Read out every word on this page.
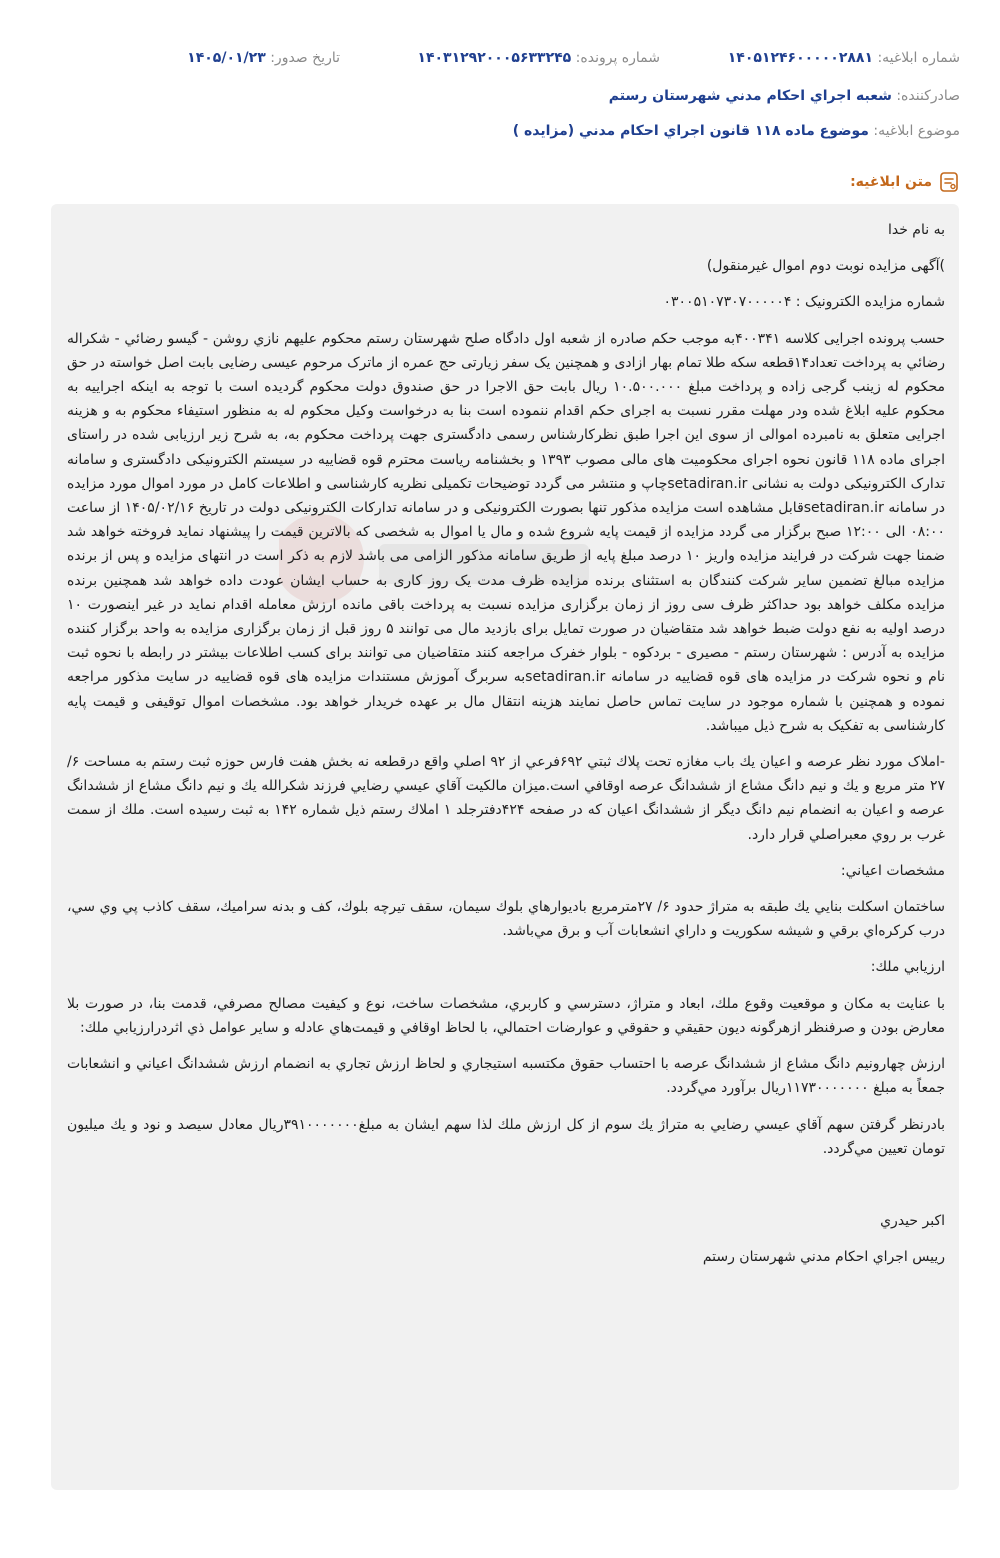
شماره ابلاغيه: ۱۴۰۵۱۲۴۶۰۰۰۰۰۲۸۸۱
شماره پرونده: ۱۴۰۳۱۲۹۲۰۰۰۵۶۳۳۲۴۵
تاریخ صدور: ۱۴۰۵/۰۱/۲۳
صادرکننده: شعبه اجراي احكام مدني شهرستان رستم
موضوع ابلاغيه: موضوع ماده ۱۱۸ قانون اجراي احکام مدني (مزايده )
متن ابلاغيه:

به نام خدا

)آگهی مزایده نوبت دوم اموال غیرمنقول)

شماره مزایده الکترونیک : ۰۳۰۰۵۱۰۷۳۰۷۰۰۰۰۰۴

حسب پرونده اجرایی کلاسه ۴۰۰۳۴۱به موجب حکم صادره از شعبه اول دادگاه صلح شهرستان رستم محکوم علیهم نازي روشن - گيسو رضائي - شکراله رضائي به پرداخت تعداد۱۴قطعه سکه طلا تمام بهار ازادی و همچنین یک سفر زیارتی حج عمره از ماترک مرحوم عیسی رضایی بابت اصل خواسته در حق محکوم له زینب گرجی زاده و پرداخت مبلغ ۱۰.۵۰۰.۰۰۰ ریال بابت حق الاجرا در حق صندوق دولت محکوم گردیده است با توجه به اینکه اجراییه به محکوم علیه ابلاغ شده ودر مهلت مقرر نسبت به اجرای حکم اقدام ننموده است بنا به درخواست وکیل محکوم له به منظور استیفاء محکوم به و هزینه اجرایی متعلق به نامبرده اموالی از سوی این اجرا طبق نظرکارشناس رسمی دادگستری جهت پرداخت محکوم به، به شرح زیر ارزیابی شده در راستای اجرای ماده ۱۱۸ قانون نحوه اجرای محکومیت های مالی مصوب ۱۳۹۳ و بخشنامه ریاست محترم قوه قضاییه در سیستم الکترونیکی دادگستری و سامانه تدارک الکترونیکی دولت به نشانی setadiran.irچاپ و منتشر می گردد توضیحات تکمیلی نظریه کارشناسی و اطلاعات کامل در مورد اموال مورد مزایده در سامانه setadiran.irقابل مشاهده است مزایده مذکور تنها بصورت الکترونیکی و در سامانه تدارکات الکترونیکی دولت در تاریخ ۱۴۰۵/۰۲/۱۶ از ساعت ۰۸:۰۰ الی ۱۲:۰۰ صبح برگزار می گردد مزایده از قیمت پایه شروع شده و مال یا اموال به شخصی که بالاترین قیمت را پیشنهاد نماید فروخته خواهد شد ضمنا جهت شرکت در فرایند مزایده واریز ۱۰ درصد مبلغ پایه از طریق سامانه مذکور الزامی می باشد لازم به ذکر است در انتهای مزایده و پس از برنده مزایده مبالغ تضمین سایر شرکت کنندگان به استثنای برنده مزایده ظرف مدت یک روز کاری به حساب ایشان عودت داده خواهد شد همچنین برنده مزایده مکلف خواهد بود حداکثر ظرف سی روز از زمان برگزاری مزایده نسبت به پرداخت باقی مانده ارزش معامله اقدام نماید در غیر اینصورت ۱۰ درصد اولیه به نفع دولت ضبط خواهد شد متقاضیان در صورت تمایل برای بازدید مال می توانند ۵ روز قبل از زمان برگزاری مزایده به واحد برگزار کننده مزایده به آدرس : شهرستان رستم - مصيری - بردکوه - بلوار خفرک مراجعه کنند متقاضیان می توانند برای کسب اطلاعات بیشتر در رابطه با نحوه ثبت نام و نحوه شرکت در مزایده های قوه قضاییه در سامانه setadiran.irبه سربرگ آموزش مستندات مزایده های قوه قضاییه در سایت مذکور مراجعه نموده و همچنین با شماره موجود در سایت تماس حاصل نمایند هزینه انتقال مال بر عهده خریدار خواهد بود. مشخصات اموال توقیفی و قیمت پایه کارشناسی به تفکیک به شرح ذیل میباشد.

-املاک مورد نظر عرصه و اعيان يك باب مغازه تحت پلاك ثبتي ۶۹۲فرعي از ۹۲ اصلي واقع درقطعه نه بخش هفت فارس حوزه ثبت رستم به مساحت ۶/ ۲۷ متر مربع و يك و نيم دانگ مشاع از ششدانگ عرصه اوقافي است.ميزان مالكيت آقاي عيسي رضايي فرزند شكرالله يك و نيم دانگ مشاع از ششدانگ عرصه و اعيان به انضمام نيم دانگ ديگر از ششدانگ اعيان كه در صفحه ۴۲۴دفترجلد ۱ املاك رستم ذيل شماره ۱۴۲ به ثبت رسيده است. ملك از سمت غرب بر روي معبراصلي قرار دارد.

مشخصات اعياني:

ساختمان اسكلت بنايي يك طبقه به متراژ حدود ۶/ ۲۷مترمربع باديوارهاي بلوك سيمان، سقف تيرچه بلوك، كف و بدنه سراميك، سقف كاذب پي وي سي، درب كركره‌اي برقي و شيشه سكوريت و داراي انشعابات آب و برق مي‌باشد.

ارزيابي ملك:

با عنايت به مكان و موقعيت وقوع ملك، ابعاد و متراژ، دسترسي و كاربري، مشخصات ساخت، نوع و كيفيت مصالح مصرفي، قدمت بنا، در صورت بلا معارض بودن و صرفنظر ازهرگونه ديون حقيقي و حقوقي و عوارضات احتمالي، با لحاظ اوقافي و قيمت‌هاي عادله و ساير عوامل ذي اثردرارزيابي ملك:

ارزش چهارونيم دانگ مشاع از ششدانگ عرصه با احتساب حقوق مكتسبه استيجاري و لحاظ ارزش تجاري به انضمام ارزش ششدانگ اعياني و انشعابات جمعاً به مبلغ ۱۱۷۳۰۰۰۰۰۰۰ريال برآورد مي‌گردد.

بادرنظر گرفتن سهم آقاي عيسي رضايي به متراژ يك سوم از كل ارزش ملك لذا سهم ايشان به مبلغ۳۹۱۰۰۰۰۰۰۰ريال معادل سيصد و نود و يك ميليون تومان تعيين مي‌گردد.

اكبر حيدري

رييس اجراي احکام مدني شهرستان رستم
